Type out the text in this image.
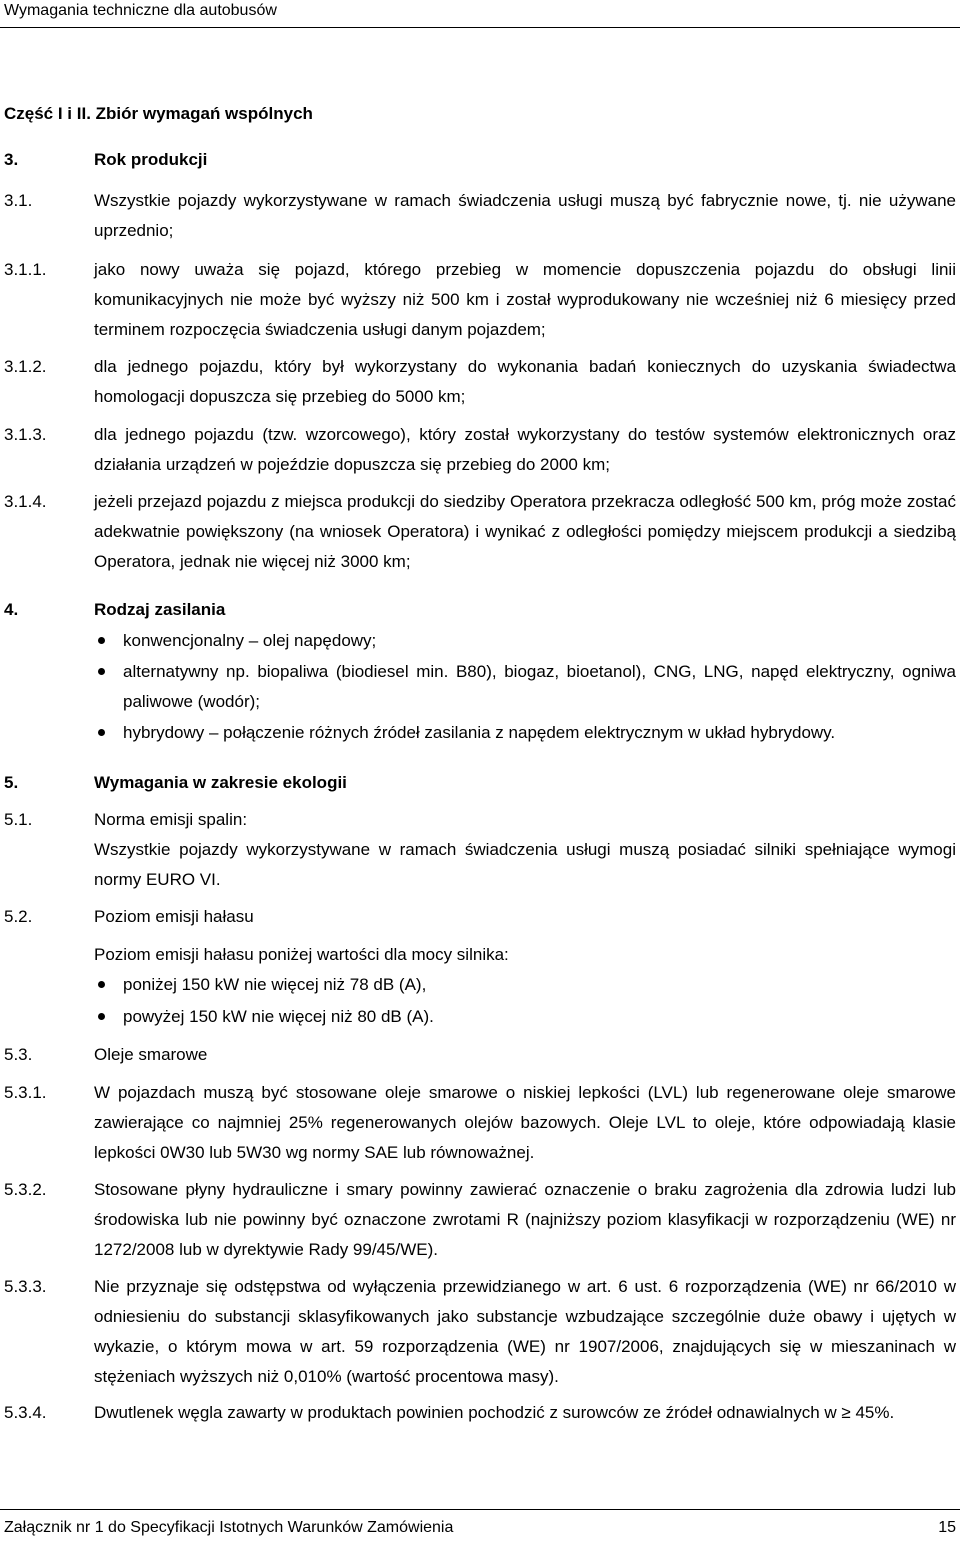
Wymagania techniczne dla autobusów
Część I i II. Zbiór wymagań wspólnych
3.	Rok produkcji
3.1.	Wszystkie pojazdy wykorzystywane w ramach świadczenia usługi muszą być fabrycznie nowe, tj. nie używane uprzednio;
3.1.1.	jako nowy uważa się pojazd, którego przebieg w momencie dopuszczenia pojazdu do obsługi linii komunikacyjnych nie może być wyższy niż 500 km i został wyprodukowany nie wcześniej niż 6 miesięcy przed terminem rozpoczęcia świadczenia usługi danym pojazdem;
3.1.2.	dla jednego pojazdu, który był wykorzystany do wykonania badań koniecznych do uzyskania świadectwa homologacji dopuszcza się przebieg do 5000 km;
3.1.3.	dla jednego pojazdu (tzw. wzorcowego), który został wykorzystany do testów systemów elektronicznych oraz działania urządzeń w pojeździe dopuszcza się przebieg do 2000 km;
3.1.4.	jeżeli przejazd pojazdu z miejsca produkcji do siedziby Operatora przekracza odległość 500 km, próg może zostać adekwatnie powiększony (na wniosek Operatora) i wynikać z odległości pomiędzy miejscem produkcji a siedzibą Operatora, jednak nie więcej niż 3000 km;
4.	Rodzaj zasilania
konwencjonalny – olej napędowy;
alternatywny np. biopaliwa (biodiesel min. B80), biogaz, bioetanol), CNG, LNG, napęd elektryczny, ogniwa paliwowe (wodór);
hybrydowy – połączenie różnych źródeł zasilania z napędem elektrycznym w układ hybrydowy.
5.	Wymagania w zakresie ekologii
5.1.	Norma emisji spalin:
Wszystkie pojazdy wykorzystywane w ramach świadczenia usługi muszą posiadać silniki spełniające wymogi normy EURO VI.
5.2.	Poziom emisji hałasu
Poziom emisji hałasu poniżej wartości dla mocy silnika:
poniżej 150 kW nie więcej niż 78 dB (A),
powyżej 150 kW nie więcej niż 80 dB (A).
5.3.	Oleje smarowe
5.3.1.	W pojazdach muszą być stosowane oleje smarowe o niskiej lepkości (LVL) lub regenerowane oleje smarowe zawierające co najmniej 25% regenerowanych olejów bazowych. Oleje LVL to oleje, które odpowiadają klasie lepkości 0W30 lub 5W30 wg normy SAE lub równoważnej.
5.3.2.	Stosowane płyny hydrauliczne i smary powinny zawierać oznaczenie o braku zagrożenia dla zdrowia ludzi lub środowiska lub nie powinny być oznaczone zwrotami R (najniższy poziom klasyfikacji w rozporządzeniu (WE) nr 1272/2008 lub w dyrektywie Rady 99/45/WE).
5.3.3.	Nie przyznaje się odstępstwa od wyłączenia przewidzianego w art. 6 ust. 6 rozporządzenia (WE) nr 66/2010 w odniesieniu do substancji sklasyfikowanych jako substancje wzbudzające szczególnie duże obawy i ujętych w wykazie, o którym mowa w art. 59 rozporządzenia (WE) nr 1907/2006, znajdujących się w mieszaninach w stężeniach wyższych niż 0,010% (wartość procentowa masy).
5.3.4.	Dwutlenek węgla zawarty w produktach powinien pochodzić z surowców ze źródeł odnawialnych w ≥ 45%.
Załącznik nr 1 do Specyfikacji Istotnych Warunków Zamówienia	15
